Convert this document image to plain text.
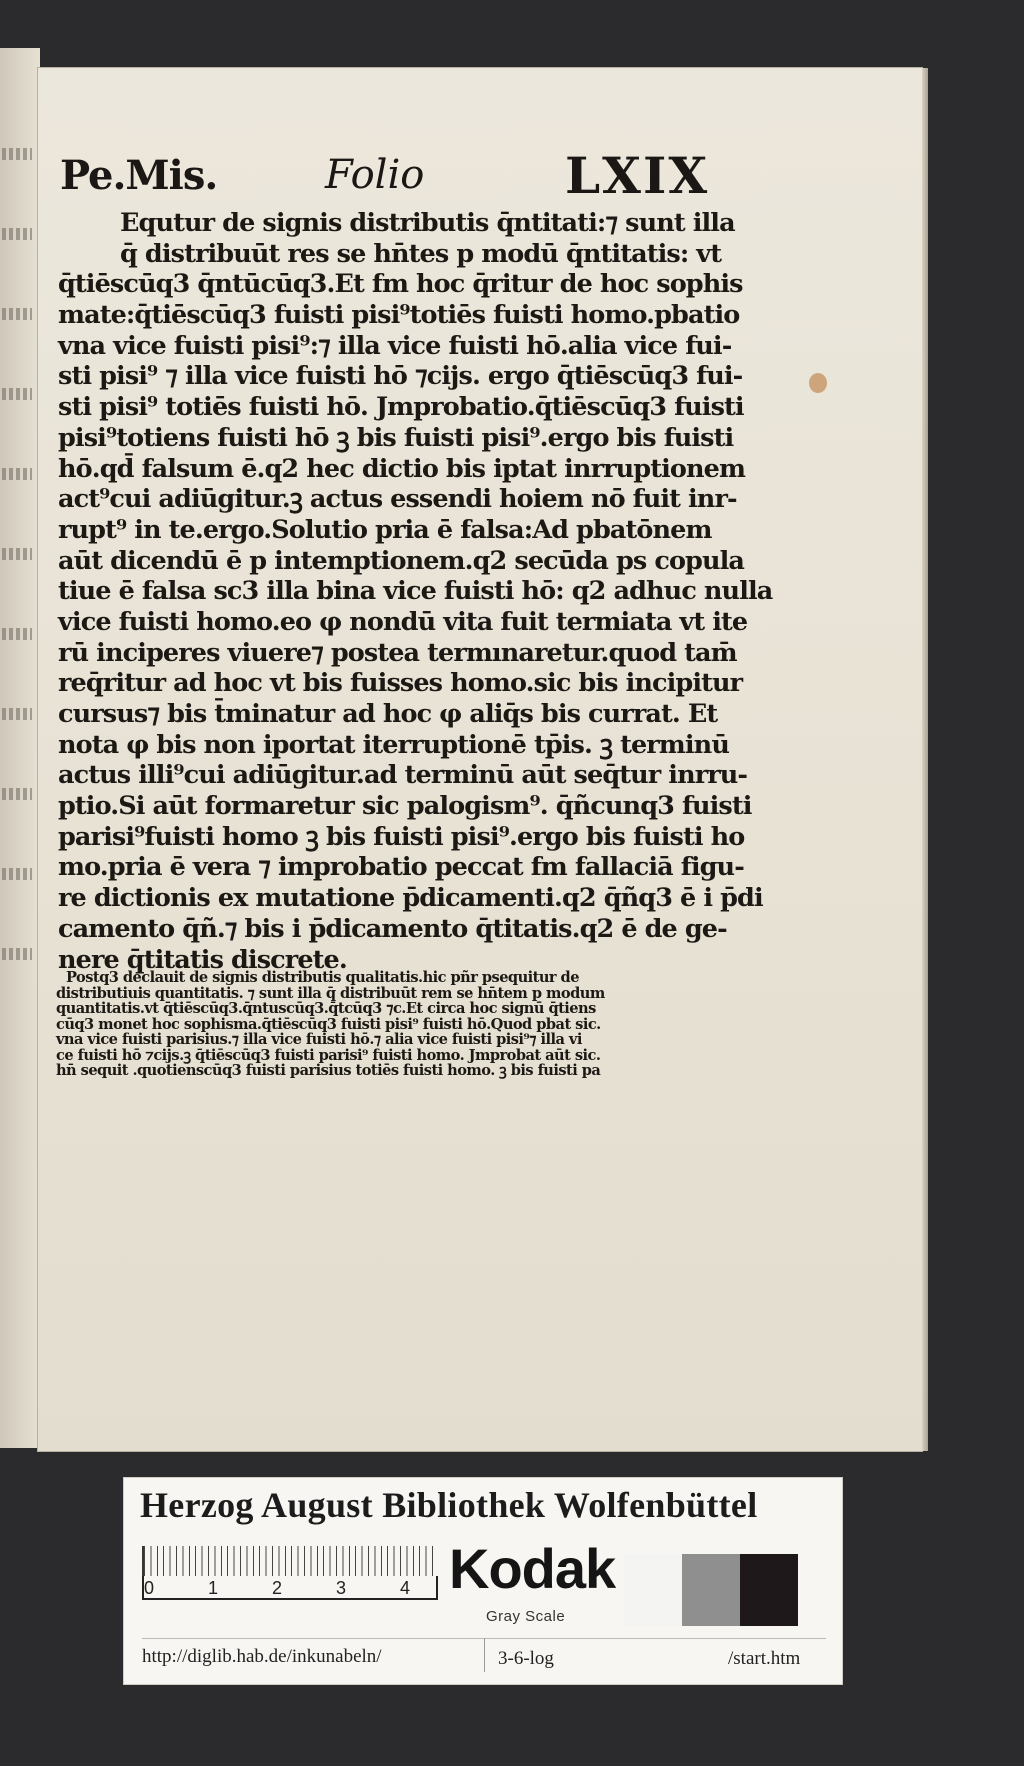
Pe.Mis.	Folio	LXIX
Equtur de signis distributis q̄ntitati:⁊ sunt illa
q̄ distribuūt res se hn̄tes p modū q̄ntitatis: vt
q̄tiēscūq3 q̄ntūcūq3.Et fm hoc q̄ritur de hoc sophis
mate:q̄tiēscūq3 fuisti pisi⁹totiēs fuisti homo.pbatio
vna vice fuisti pisi⁹:⁊ illa vice fuisti hō.alia vice fui-
sti pisi⁹ ⁊ illa vice fuisti hō ⁊cijs. ergo q̄tiēscūq3 fui-
sti pisi⁹ totiēs fuisti hō. Jmprobatio.q̄tiēscūq3 fuisti
pisi⁹totiens fuisti hō ꝫ bis fuisti pisi⁹.ergo bis fuisti
hō.qd̄ falsum ē.q2 hec dictio bis iptat inrruptionem
act⁹cui adiūgitur.ꝫ actus essendi hoiem nō fuit inr-
rupt⁹ in te.ergo.Solutio pria ē falsa:Ad pbatōnem
aūt dicendū ē p intemptionem.q2 secūda ps copula
tiue ē falsa sc3 illa bina vice fuisti hō: q2 adhuc nulla
vice fuisti homo.eo φ nondū vita fuit termiata vt ite
rū inciperes viuere⁊ postea termınaretur.quod tam̄
req̄ritur ad hoc vt bis fuisses homo.sic bis incipitur
cursus⁊ bis t̄minatur ad hoc φ aliq̄s bis currat. Et
nota φ bis non iportat iterruptionē tp̄is. ꝫ terminū
actus illi⁹cui adiūgitur.ad terminū aūt seq̄tur inrru-
ptio.Si aūt formaretur sic palogism⁹. q̄ñcunq3 fuisti
parisi⁹fuisti homo ꝫ bis fuisti pisi⁹.ergo bis fuisti ho
mo.pria ē vera ⁊ improbatio peccat fm fallaciā figu-
re dictionis ex mutatione p̄dicamenti.q2 q̄ñq3 ē i p̄di
camento q̄ñ.⁊ bis i p̄dicamento q̄titatis.q2 ē de ge-
nere q̄titatis discrete.
Postq3 declauit de signis distributis qualitatis.hic pñr psequitur de
distributiuis quantitatis. ⁊ sunt illa q̄ distribuūt rem se hn̄tem p modum
quantitatis.vt q̄tiēscūq3.q̄ntuscūq3.q̄tcūq3 ⁊c.Et circa hoc signū q̄tiens
cūq3 monet hoc sophisma.q̄tiēscūq3 fuisti pisi⁹ fuisti hō.Quod pbat sic.
vna vice fuisti parisius.⁊ illa vice fuisti hō.⁊ alia vice fuisti pisi⁹⁊ illa vi
ce fuisti hō ⁊cijs.ꝫ q̄tiēscūq3 fuisti parisi⁹ fuisti homo. Jmprobat aūt sic.
hn̄ sequit .quotienscūq3 fuisti parisius totiēs fuisti homo. ꝫ bis fuisti pa
Herzog August Bibliothek Wolfenbüttel
0	1	2	3	4 Kodak
Gray Scale
http://diglib.hab.de/inkunabeln/	3-6-log	/start.htm
